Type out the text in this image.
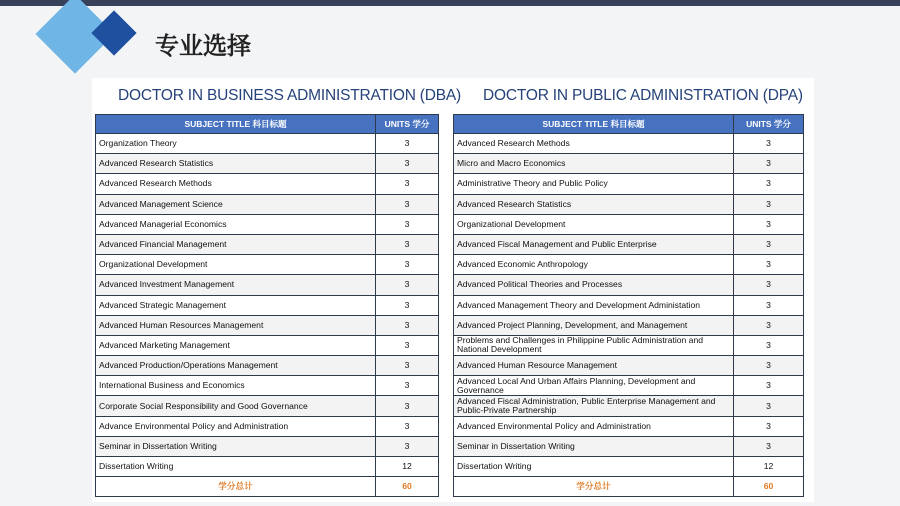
专业选择
DOCTOR IN BUSINESS ADMINISTRATION (DBA)
SUBJECT TITLE 科目标题	UNITS 学分
Organization Theory	3
Advanced Research Statistics	3
Advanced Research Methods	3
Advanced Management Science	3
Advanced Managerial Economics	3
Advanced Financial Management	3
Organizational Development	3
Advanced Investment Management	3
Advanced Strategic Management	3
Advanced Human Resources Management	3
Advanced Marketing Management	3
Advanced Production/Operations Management	3
International Business and Economics	3
Corporate Social Responsibility and Good Governance	3
Advance Environmental Policy and Administration	3
Seminar in Dissertation Writing	3
Dissertation Writing	12
学分总计	60
DOCTOR IN PUBLIC ADMINISTRATION (DPA)
SUBJECT TITLE 科目标题	UNITS 学分
Advanced Research Methods	3
Micro and Macro Economics	3
Administrative Theory and Public Policy	3
Advanced Research Statistics	3
Organizational Development	3
Advanced Fiscal Management and Public Enterprise	3
Advanced Economic Anthropology	3
Advanced Political Theories and Processes	3
Advanced Management Theory and Development Administation	3
Advanced Project Planning, Development, and Management	3
Problems and Challenges in Philippine Public Administration and National Development	3
Advanced Human Resource Management	3
Advanced Local And Urban Affairs Planning, Development and Governance	3
Advanced Fiscal Administration, Public Enterprise Management and Public-Private Partnership	3
Advanced Environmental Policy and Administration	3
Seminar in Dissertation Writing	3
Dissertation Writing	12
学分总计	60
